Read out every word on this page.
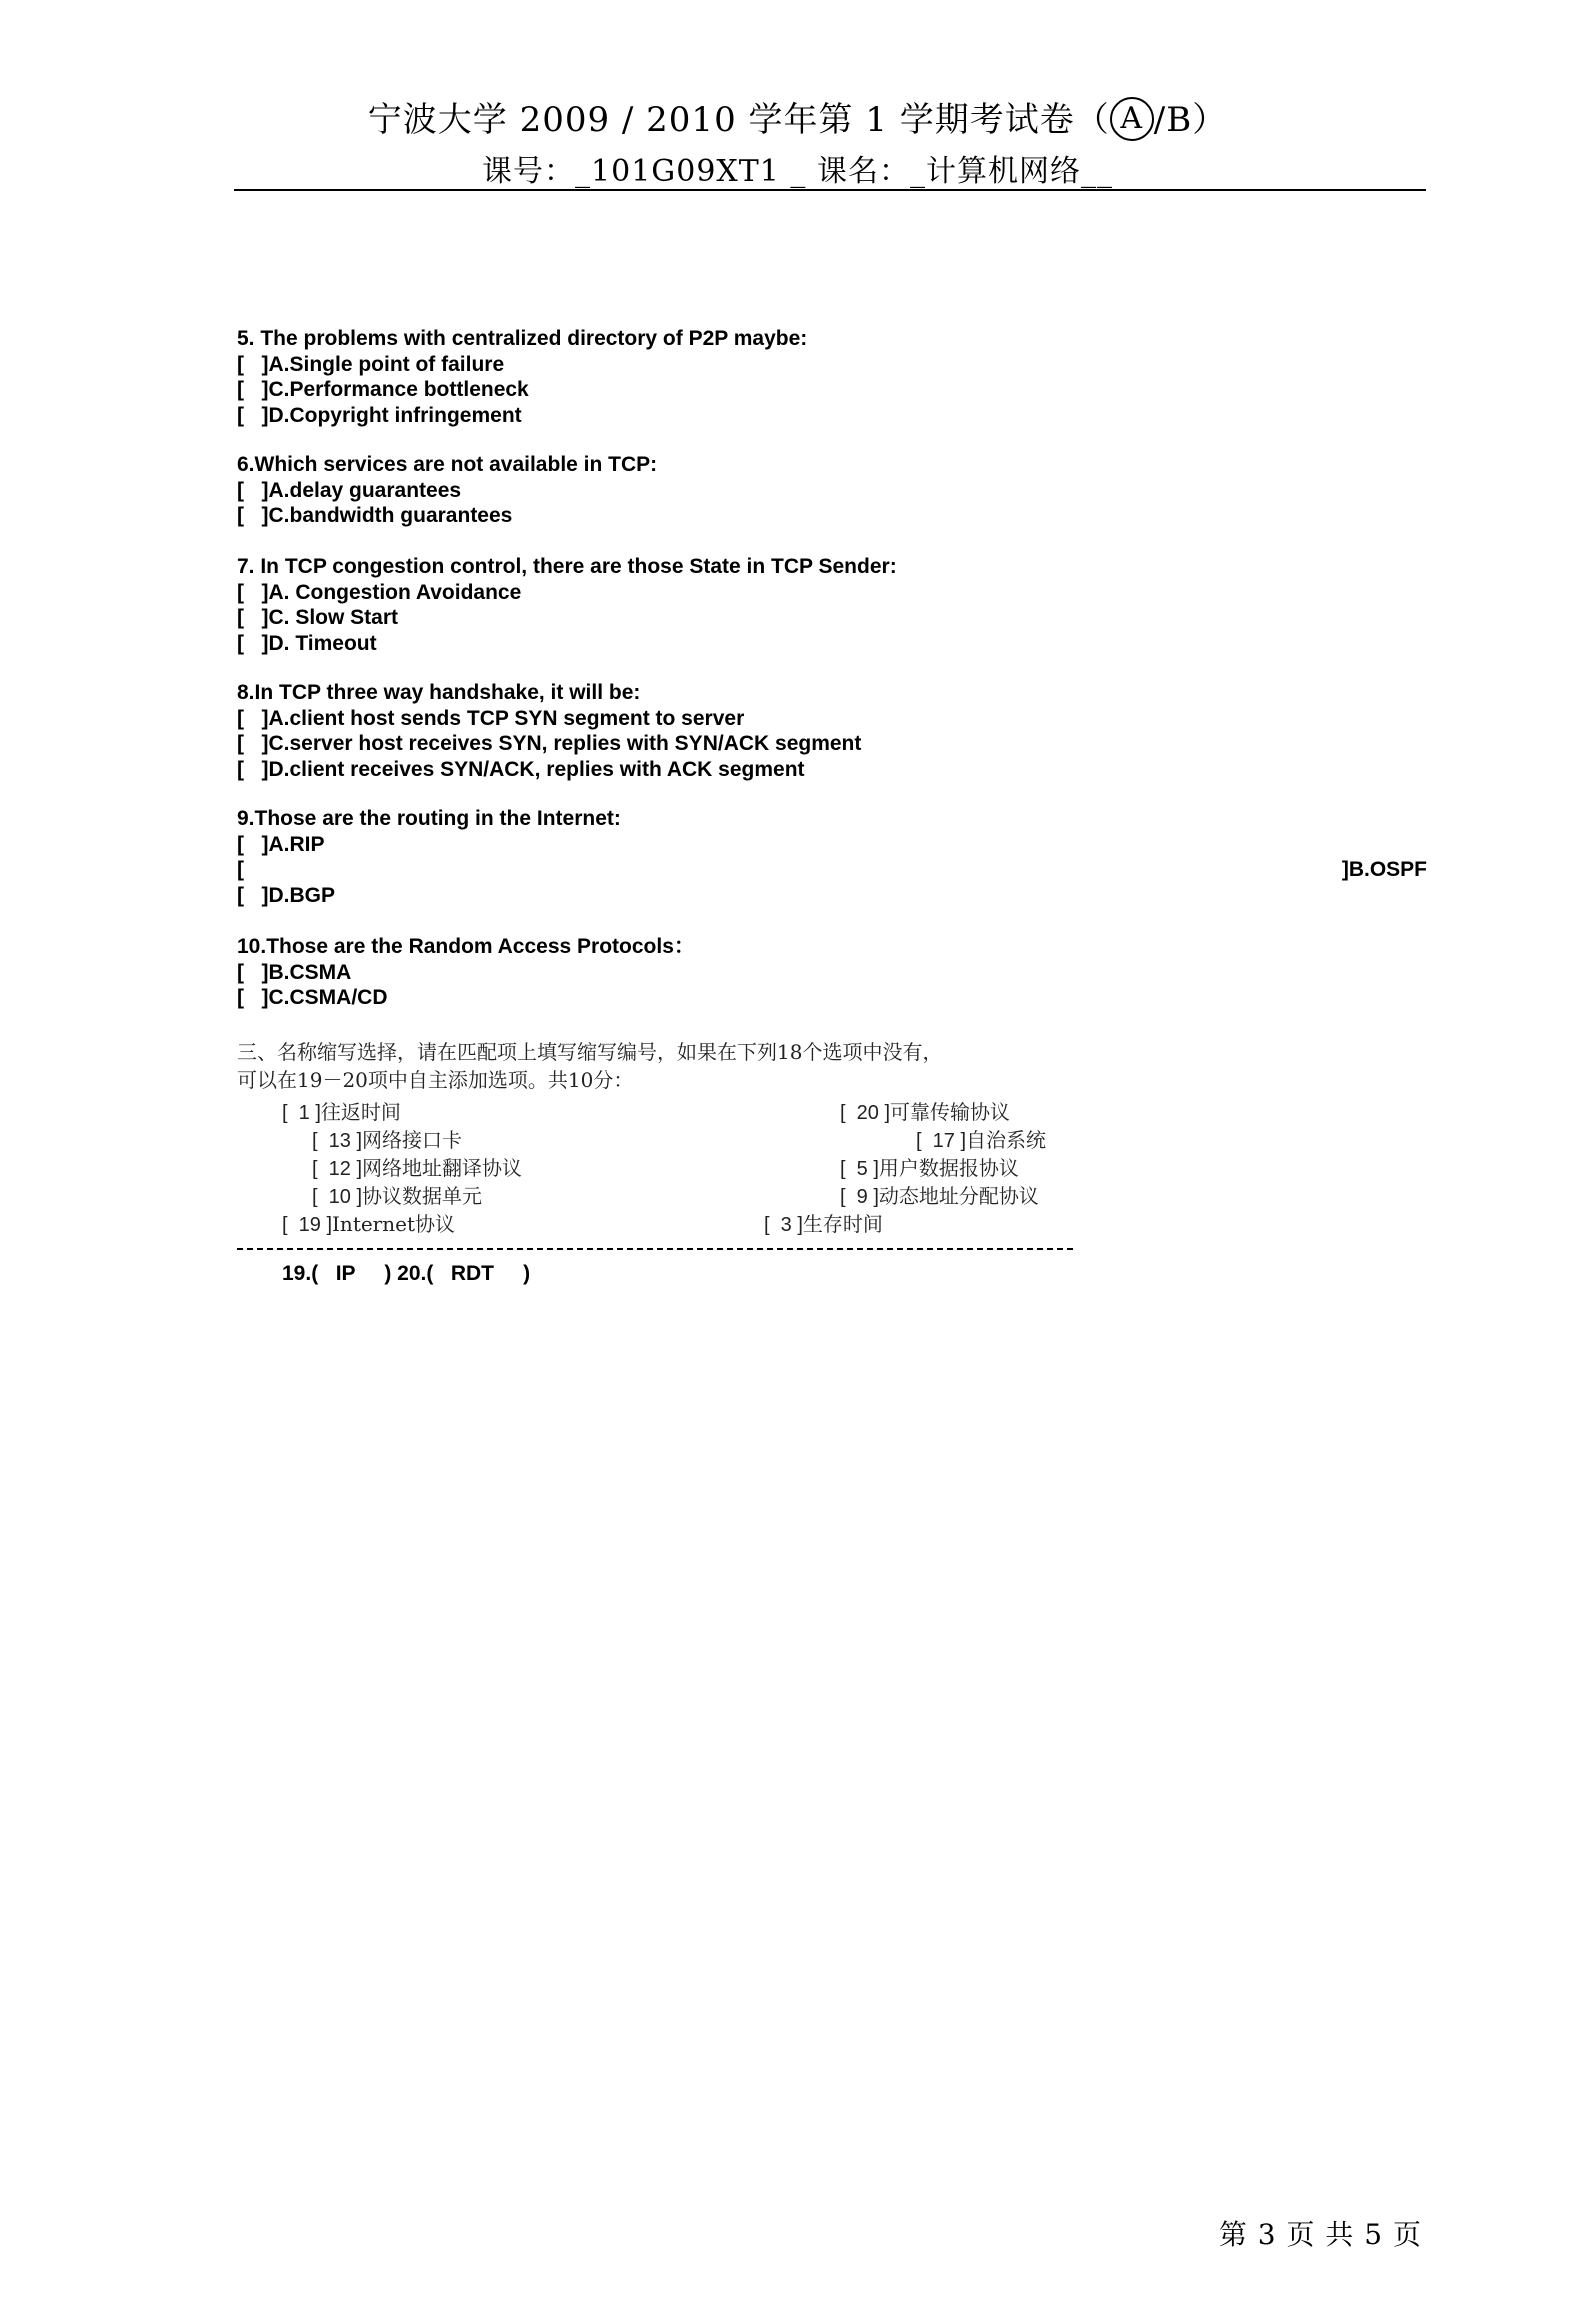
宁波大学 2009 / 2010 学年第 1 学期考试卷（ A /B）
课号：_101G09XT1 _ 课名：_计算机网络__
5. The problems with centralized directory of P2P maybe:
[   ]A.Single point of failure
[   ]C.Performance bottleneck
[   ]D.Copyright infringement
6.Which services are not available in TCP:
[   ]A.delay guarantees
[   ]C.bandwidth guarantees
7. In TCP congestion control, there are those State in TCP Sender:
[   ]A. Congestion Avoidance
[   ]C. Slow Start
[   ]D. Timeout
8.In TCP three way handshake, it will be:
[   ]A.client host sends TCP SYN segment to server
[   ]C.server host receives SYN, replies with SYN/ACK segment
[   ]D.client receives SYN/ACK, replies with ACK segment
9.Those are the routing in the Internet:
[   ]A.RIP
[	]B.OSPF
[   ]D.BGP
10.Those are the Random Access Protocols：
[   ]B.CSMA
[   ]C.CSMA/CD
三、名称缩写选择，请在匹配项上填写缩写编号，如果在下列18个选项中没有，
可以在19－20项中自主添加选项。共10分：
[  1 ]往返时间	[  20 ]可靠传输协议
[  13 ]网络接口卡	[  17 ]自治系统
[  12 ]网络地址翻译协议	[  5 ]用户数据报协议
[  10 ]协议数据单元	[  9 ]动态地址分配协议
[  19 ]Internet协议	[  3 ]生存时间
19.(   IP     ) 20.(   RDT     )
第 3 页 共 5 页
